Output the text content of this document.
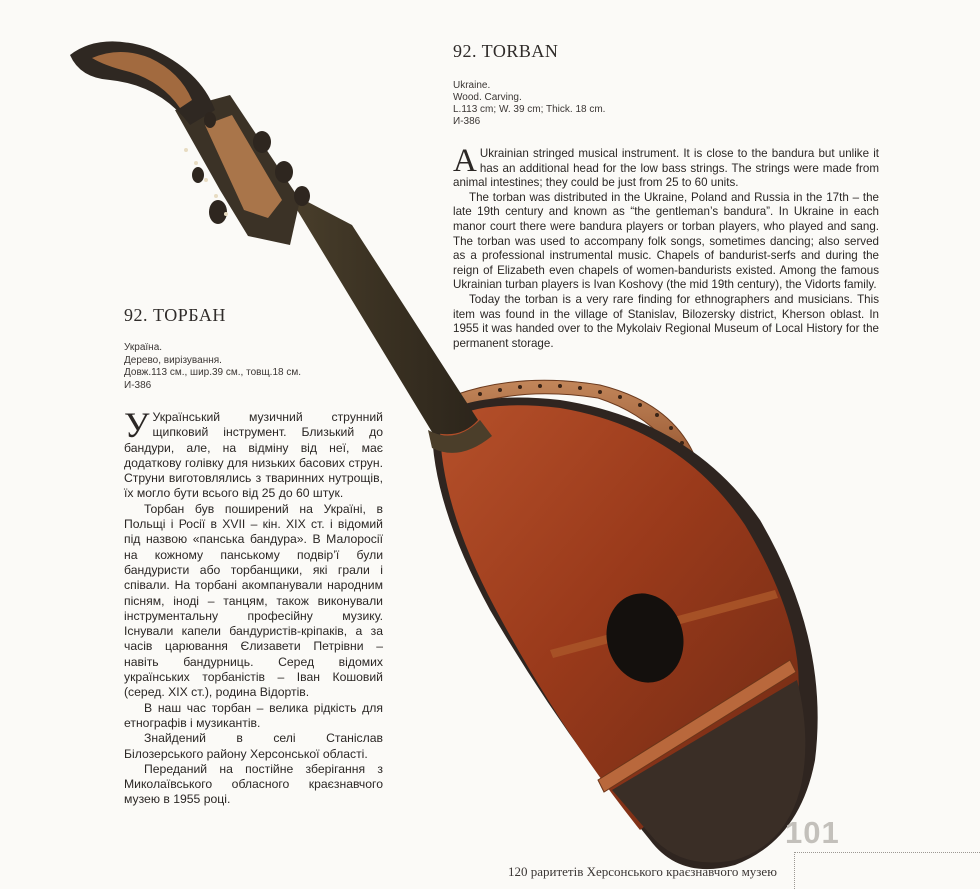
92. TORBAN
Ukraine.
Wood. Carving.
L.113 cm; W. 39 cm; Thick. 18 cm.
И-386

A Ukrainian stringed musical instrument. It is close to the bandura but unlike it has an additional head for the low bass strings. The strings were made from animal intestines; they could be just from 25 to 60 units.

The torban was distributed in the Ukraine, Poland and Russia in the 17th – the late 19th century and known as “the gentleman’s bandura”. In Ukraine in each manor court there were bandura players or torban players, who played and sang. The torban was used to accompany folk songs, sometimes dancing; also served as a professional instrumental music. Chapels of bandurist-serfs and during the reign of Elizabeth even chapels of women-bandurists existed. Among the famous Ukrainian turban players is Ivan Koshovy (the mid 19th century), the Vidorts family.

Today the torban is a very rare finding for ethnographers and musicians. This item was found in the village of Stanislav, Bilozersky district, Kherson oblast. In 1955 it was handed over to the Mykolaiv Regional Museum of Local History for the permanent storage.

92. ТОРБАН
Україна.
Дерево, вирізування.
Довж.113 см., шир.39 см., товщ.18 см.
И-386

У Український музичний струнний щипковий інструмент. Близький до бандури, але, на відміну від неї, має додаткову голівку для низьких басових струн. Струни виготовлялись з тваринних нутрощів, їх могло бути всього від 25 до 60 штук.

Торбан був поширений на Україні, в Польщі і Росії в XVII – кін. XIX ст. і відомий під назвою «панська бандура». В Малоросії на кожному панському подвір’ї були бандуристи або торбанщики, які грали і співали. На торбані акомпанували народним пісням, іноді – танцям, також виконували інструментальну професійну музику. Існували капели бандуристів-кріпаків, а за часів царювання Єлизавети Петрівни – навіть бандурниць. Серед відомих українських торбаністів – Іван Кошовий (серед. XIX ст.), родина Відортів.

В наш час торбан – велика рідкість для етнографів і музикантів.

Знайдений в селі Станіслав Білозерського району Херсонської області.

Переданий на постійне зберігання з Миколаївського обласного краєзнавчого музею в 1955 році.

101
120 раритетів Херсонського краєзнавчого музею
